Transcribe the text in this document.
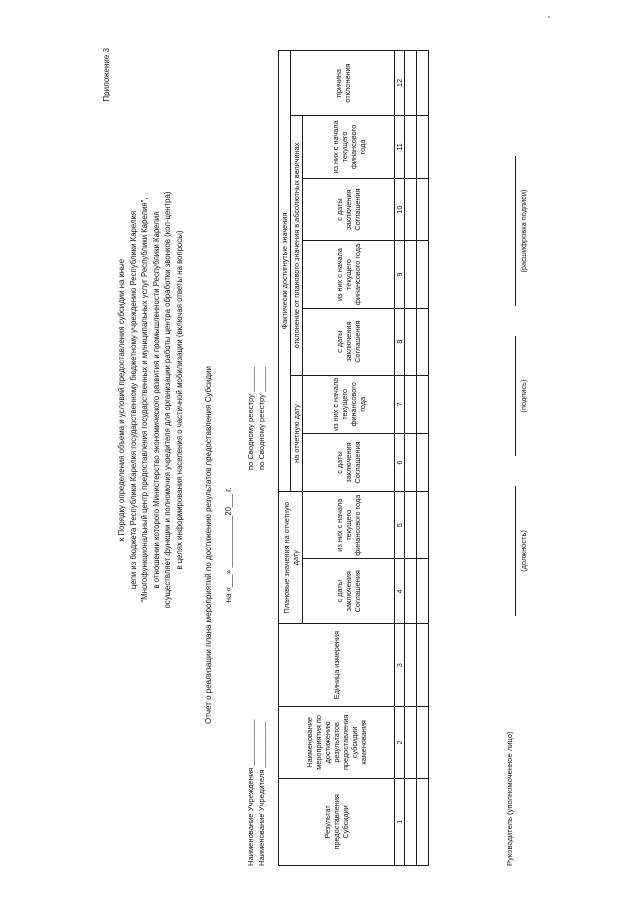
Приложение 3
к Порядку определения объема и условий предоставления субсидии на иные цели из бюджета Республики Карелия государственному бюджетному учреждению Республики Карелия "Многофункциональный центр предоставления государственных и муниципальных услуг Республики Карелия", в отношении которого Министерство экономического развития и промышленности Республики Карелия осуществляет функции и полномочия учредителя для организации работы центра обработки звонков (кол-центра) в целях информирования населения о частичной мобилизации (включая ответы на вопросы)	Отчет о реализации плана мероприятий по достижению результатов предоставления Субсидии на «___» ____________20___ г.
Наименование Учреждения ___________ Наименование Учредителя ___________
по Сводному реестру ______ по Сводному реестру ______
Результат предоставления Субсидии	Наименование мероприятия по достижению результатов предоставления субсидии каменования	Единица измерения	Плановые значения на отчетную дату		Фактически достигнутые значения						
					на отчетную дату		отклонение от планового значения в абсолютных величинах				причина отклонения
			с даты заключения Соглашения	из них с начала текущего финансового года	с даты заключения Соглашения	из них с начала текущего финансового года	с даты заключения Соглашения	из них с начала текущего финансового года	с даты заключения Соглашения	из них с начала текущего финансового года	
1	2	3	4	5	6	7	8	9	10	11	12

Руководитель (уполномоченное лицо)
(должность)
(подпись)
(расшифровка подписи)
